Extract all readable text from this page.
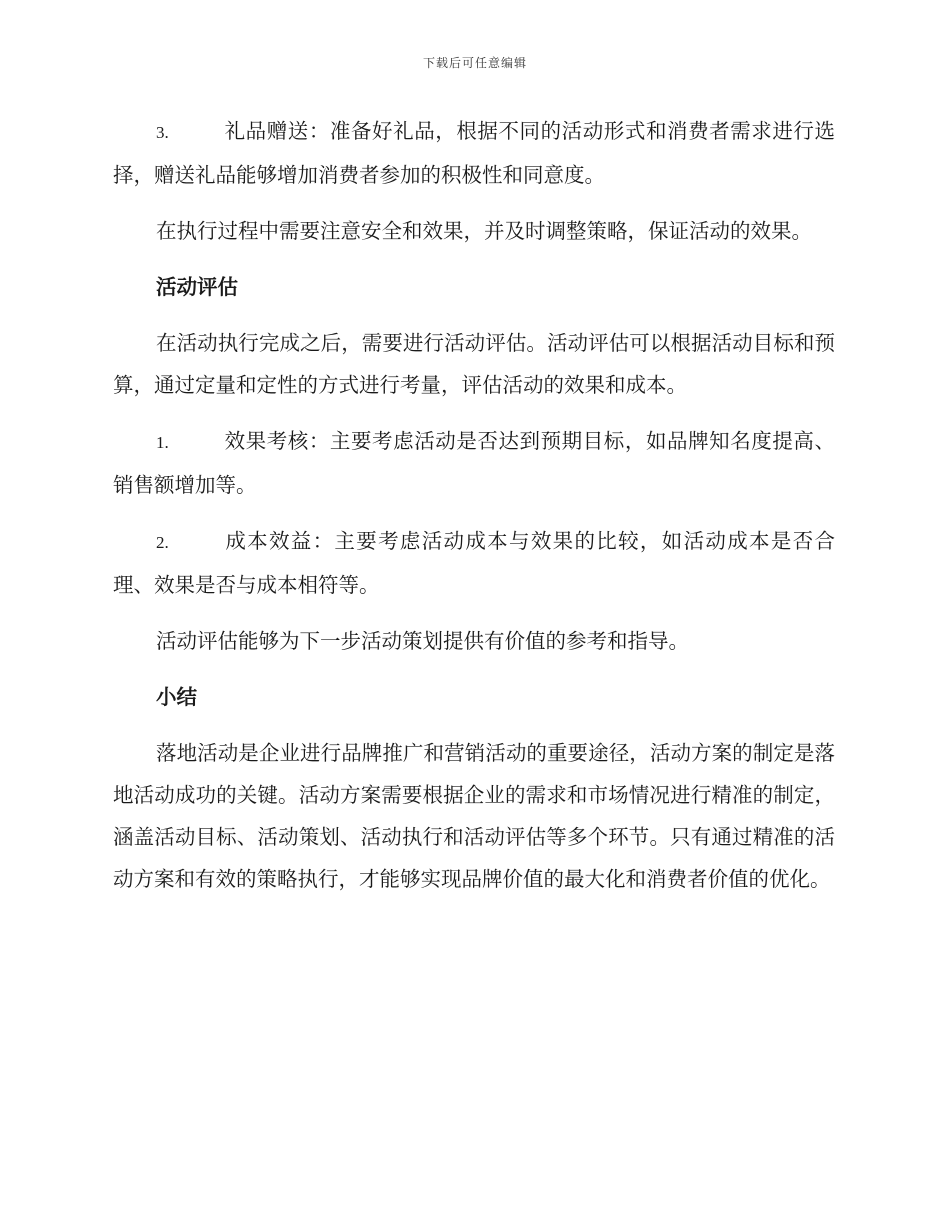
下载后可任意编辑

3.	礼品赠送：准备好礼品，根据不同的活动形式和消费者需求进行选择，赠送礼品能够增加消费者参加的积极性和同意度。

在执行过程中需要注意安全和效果，并及时调整策略，保证活动的效果。

活动评估

在活动执行完成之后，需要进行活动评估。活动评估可以根据活动目标和预算，通过定量和定性的方式进行考量，评估活动的效果和成本。

1.	效果考核：主要考虑活动是否达到预期目标，如品牌知名度提高、销售额增加等。

2.	成本效益：主要考虑活动成本与效果的比较，如活动成本是否合理、效果是否与成本相符等。

活动评估能够为下一步活动策划提供有价值的参考和指导。

小结

落地活动是企业进行品牌推广和营销活动的重要途径，活动方案的制定是落地活动成功的关键。活动方案需要根据企业的需求和市场情况进行精准的制定，涵盖活动目标、活动策划、活动执行和活动评估等多个环节。只有通过精准的活动方案和有效的策略执行，才能够实现品牌价值的最大化和消费者价值的优化。
